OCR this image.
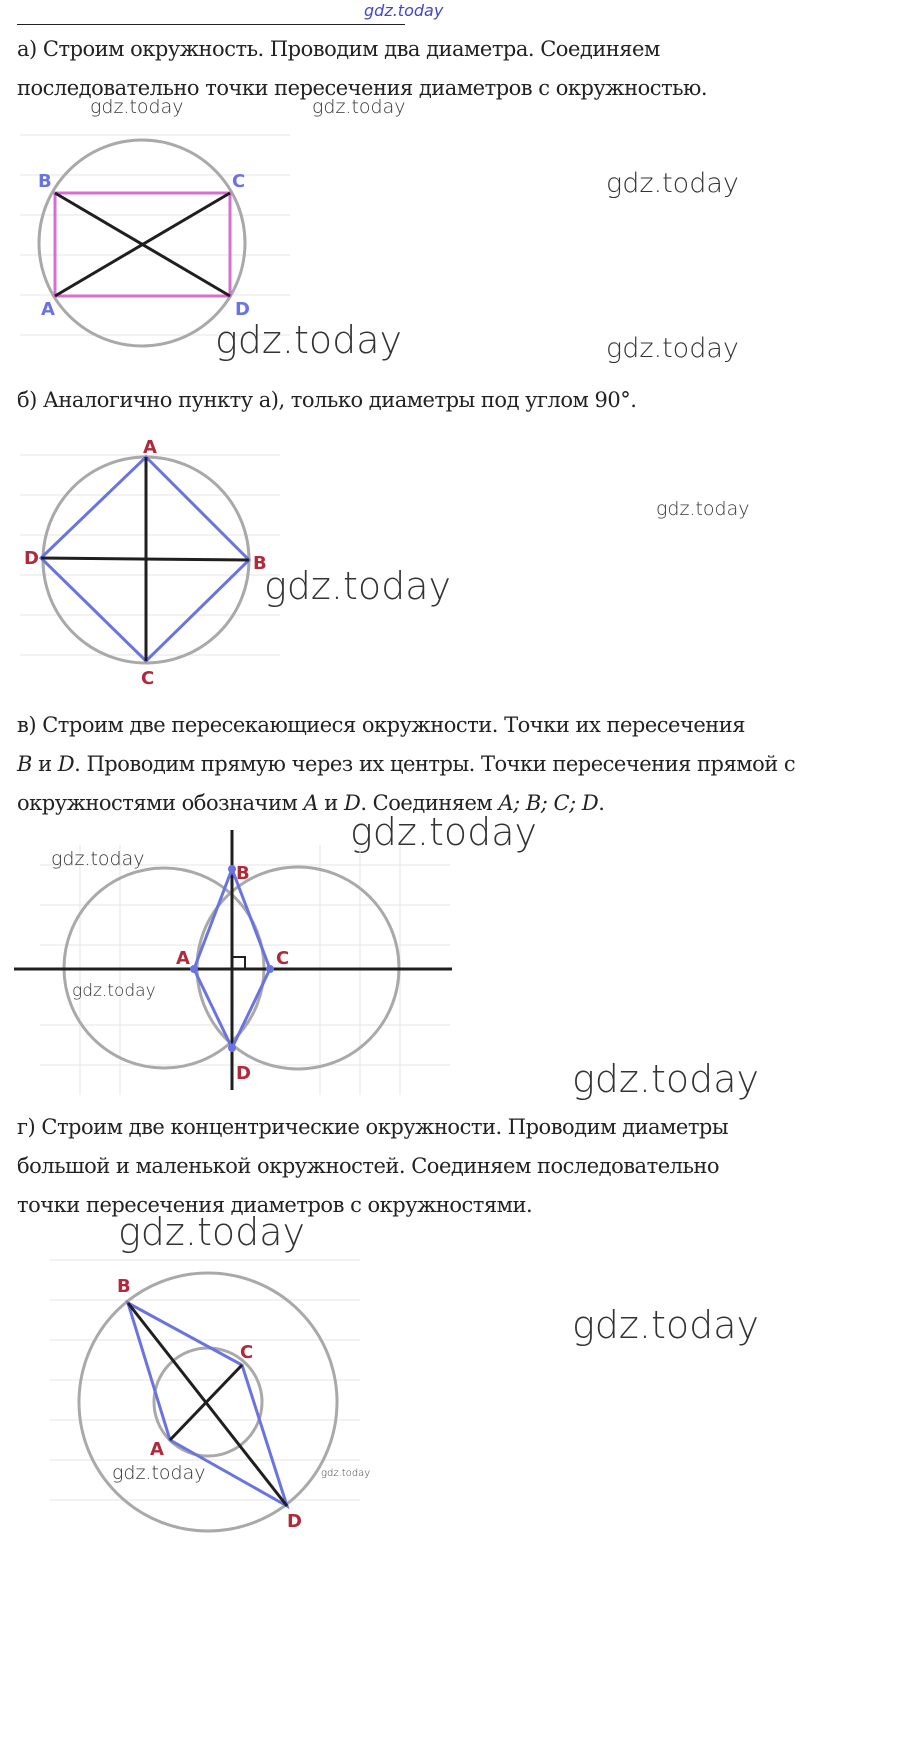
gdz.today

а) Строим окружность. Проводим два диаметра. Соединяем

последовательно точки пересечения диаметров с окружностью.

gdz.today	gdz.today
B	C
A	D
gdz.today
gdz.today	gdz.today

б) Аналогично пункту а), только диаметры под углом 90°.

A
B
C
D
gdz.today
gdz.today

в) Строим две пересекающиеся окружности. Точки их пересечения

B и D. Проводим прямую через их центры. Точки пересечения прямой с

окружностями обозначим A и D. Соединяем A; B; C; D.

gdz.today
B
C
A
D
gdz.today
gdz.today
gdz.today

г) Строим две концентрические окружности. Проводим диаметры

большой и маленькой окружностей. Соединяем последовательно

точки пересечения диаметров с окружностями.

gdz.today
B
C
A
D
gdz.today
gdz.today	gdz.today
